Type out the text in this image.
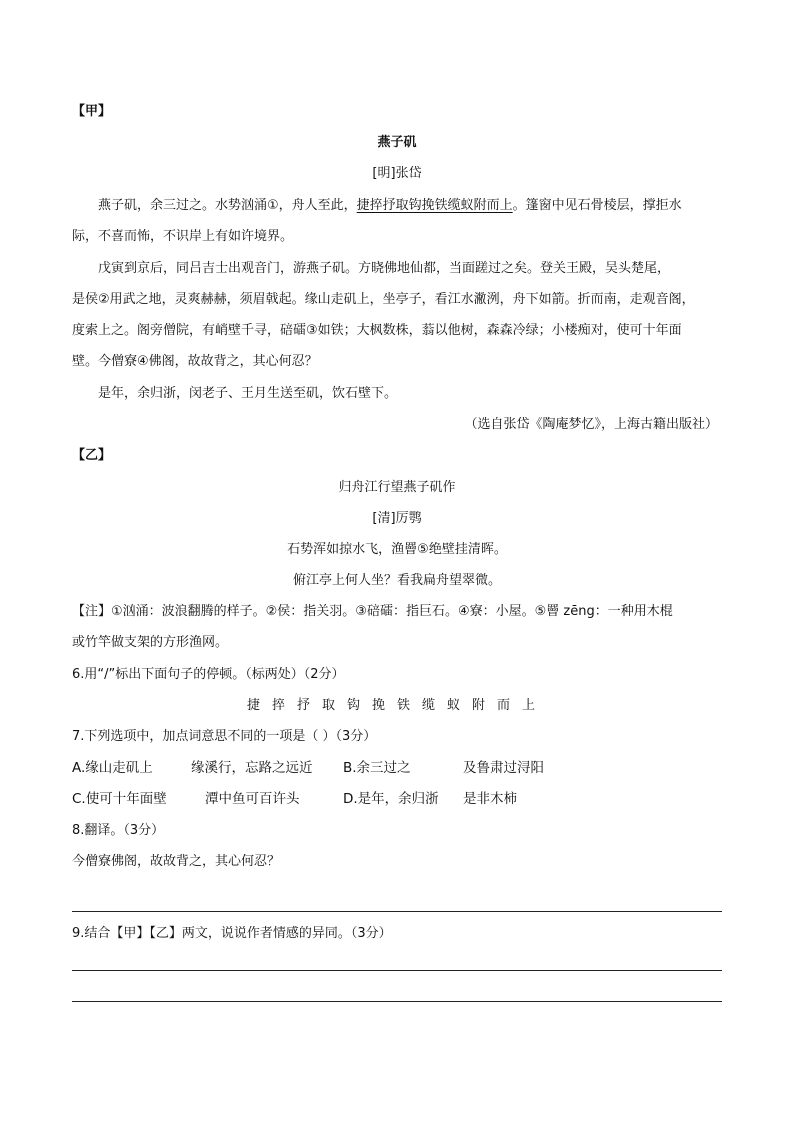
【甲】
燕子矶
[明]张岱
燕子矶，余三过之。水势汹涌①，舟人至此，捷捽抒取钩挽铁缆蚁附而上。篷窗中见石骨棱层，撑拒水
际，不喜而怖，不识岸上有如许境界。
戊寅到京后，同吕吉士出观音门，游燕子矶。方晓佛地仙都，当面蹉过之矣。登关王殿，吴头楚尾，
是侯②用武之地，灵爽赫赫，须眉戟起。缘山走矶上，坐亭子，看江水潎洌，舟下如箭。折而南，走观音阁，
度索上之。阁旁僧院，有峭壁千寻，碚礌③如铁；大枫数株，蓊以他树，森森冷绿；小楼痴对，使可十年面
壁。今僧寮④佛阁，故故背之，其心何忍？
是年，余归浙，闵老子、王月生送至矶，饮石壁下。
（选自张岱《陶庵梦忆》，上海古籍出版社）
【乙】
归舟江行望燕子矶作
[清]厉鹗
石势浑如掠水飞，渔罾⑤绝壁挂清晖。
俯江亭上何人坐？看我扁舟望翠微。
【注】①汹涌：波浪翻腾的样子。②侯：指关羽。③碚礌：指巨石。④寮：小屋。⑤罾 zēng：一种用木棍
或竹竿做支架的方形渔网。
6.用“/”标出下面句子的停顿。（标两处）（2分）
捷捽抒取钩挽铁缆蚁附而上
7.下列选项中，加点词意思不同的一项是（ ）（3分）
A.缘山走矶上	缘溪行，忘路之远近 B.余三过之	及鲁肃过浔阳
C.使可十年面壁	潭中鱼可百许头	D.是年，余归浙 是非木柿
8.翻译。（3分）
今僧寮佛阁，故故背之，其心何忍？
9.结合【甲】【乙】两文，说说作者情感的异同。（3分）
